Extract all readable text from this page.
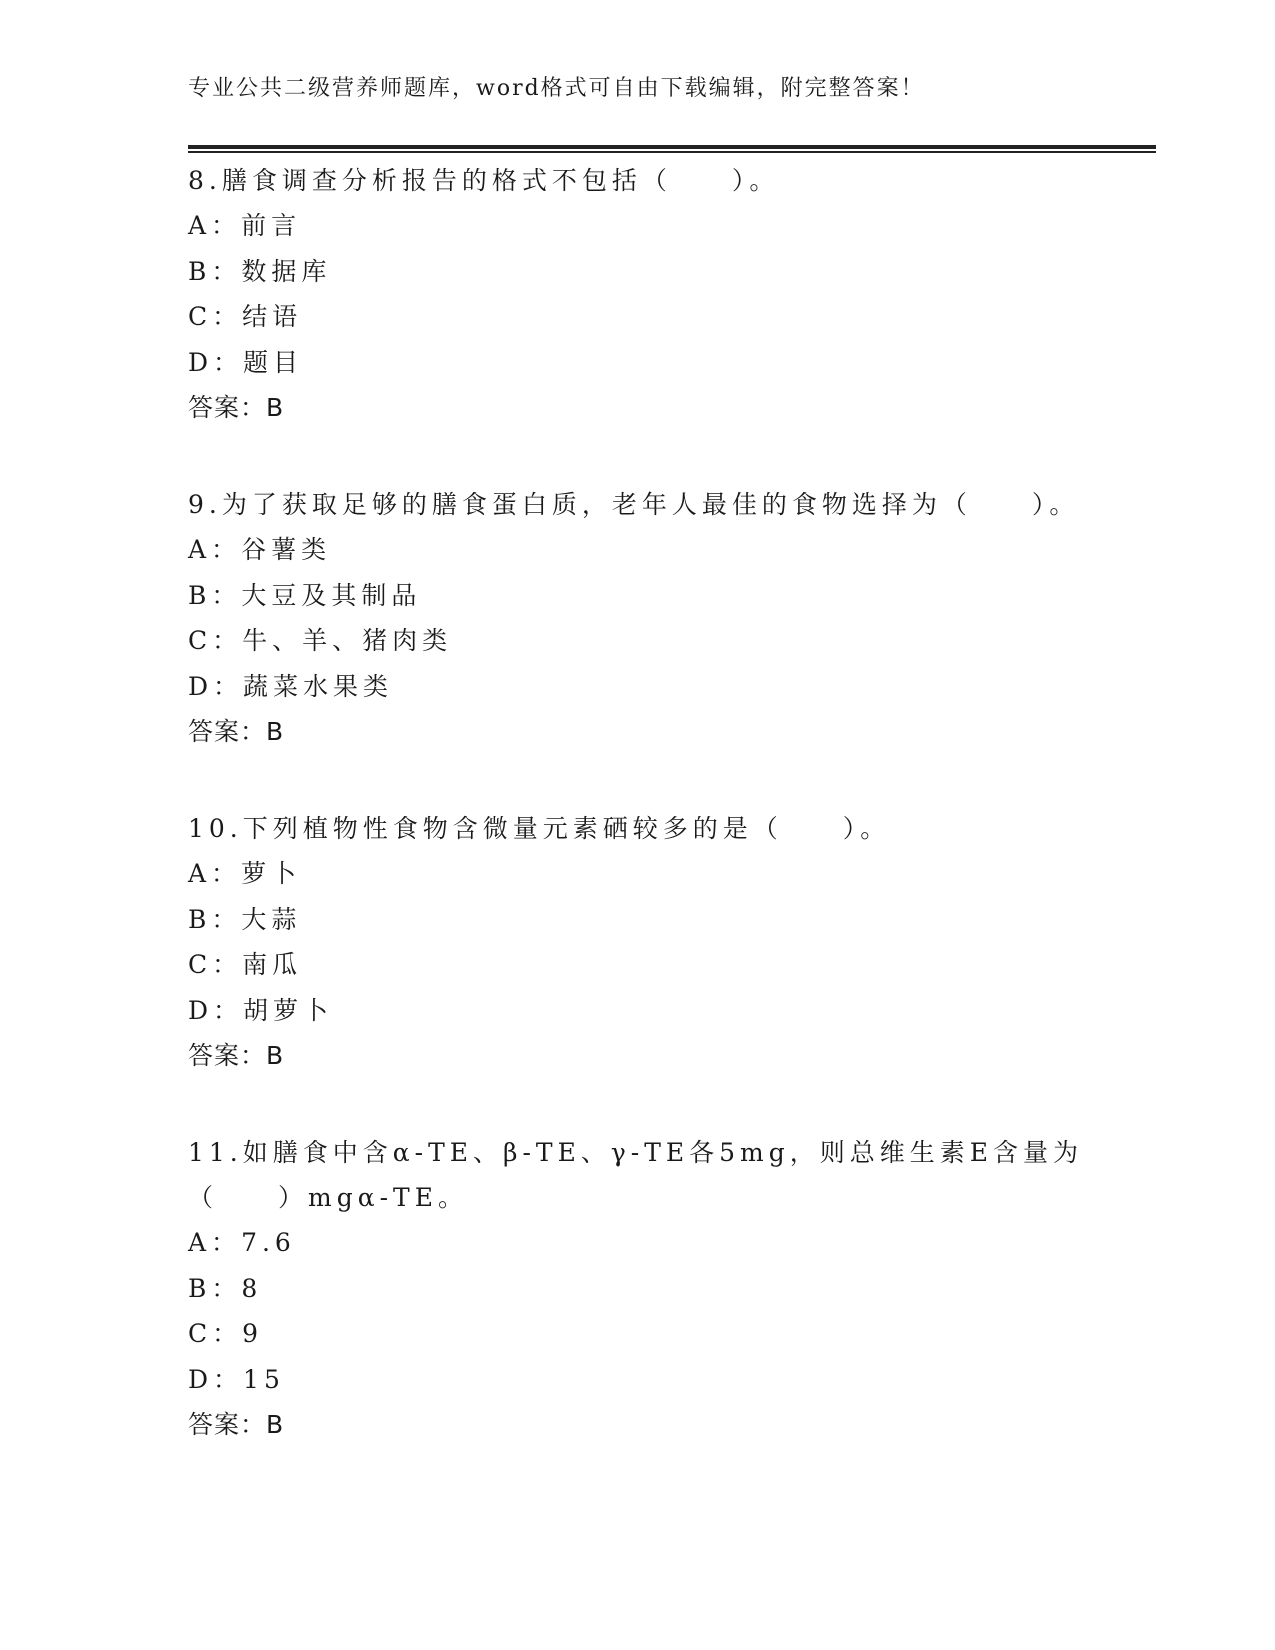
专业公共二级营养师题库，word格式可自由下载编辑，附完整答案！

8.膳食调查分析报告的格式不包括（　　）。

A：前言
B：数据库
C：结语
D：题目
答案：B

9.为了获取足够的膳食蛋白质，老年人最佳的食物选择为（　　）。

A：谷薯类
B：大豆及其制品
C：牛、羊、猪肉类
D：蔬菜水果类
答案：B

10.下列植物性食物含微量元素硒较多的是（　　）。

A：萝卜
B：大蒜
C：南瓜
D：胡萝卜
答案：B

11.如膳食中含α-TE、β-TE、γ-TE各5mg，则总维生素E含量为（　　）mgα-TE。

A：7.6
B：8
C：9
D：15
答案：B
